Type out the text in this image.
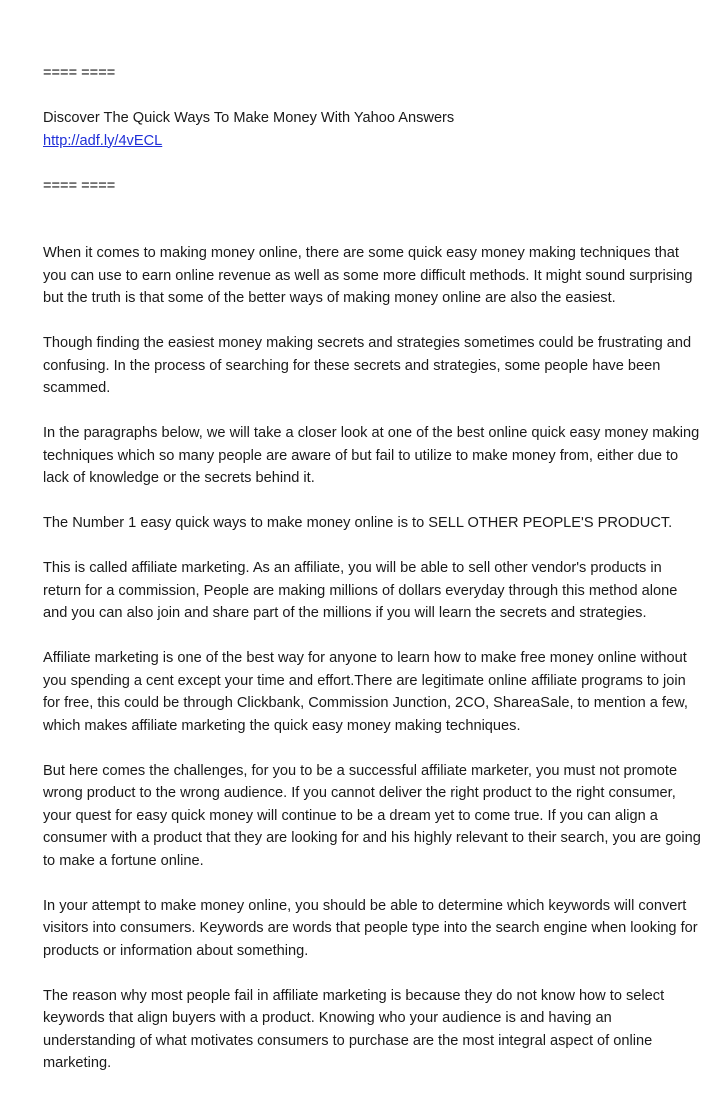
==== ====

Discover The Quick Ways To Make Money With Yahoo Answers

http://adf.ly/4vECL

==== ====

When it comes to making money online, there are some quick easy money making techniques that you can use to earn online revenue as well as some more difficult methods. It might sound surprising but the truth is that some of the better ways of making money online are also the easiest.

Though finding the easiest money making secrets and strategies sometimes could be frustrating and confusing. In the process of searching for these secrets and strategies, some people have been scammed.

In the paragraphs below, we will take a closer look at one of the best online quick easy money making techniques which so many people are aware of but fail to utilize to make money from, either due to lack of knowledge or the secrets behind it.

The Number 1 easy quick ways to make money online is to SELL OTHER PEOPLE'S PRODUCT.

This is called affiliate marketing. As an affiliate, you will be able to sell other vendor's products in return for a commission, People are making millions of dollars everyday through this method alone and you can also join and share part of the millions if you will learn the secrets and strategies.

Affiliate marketing is one of the best way for anyone to learn how to make free money online without you spending a cent except your time and effort.There are legitimate online affiliate programs to join for free, this could be through Clickbank, Commission Junction, 2CO, ShareaSale, to mention a few, which makes affiliate marketing the quick easy money making techniques.

But here comes the challenges, for you to be a successful affiliate marketer, you must not promote wrong product to the wrong audience. If you cannot deliver the right product to the right consumer, your quest for easy quick money will continue to be a dream yet to come true. If you can align a consumer with a product that they are looking for and his highly relevant to their search, you are going to make a fortune online.

In your attempt to make money online, you should be able to determine which keywords will convert visitors into consumers. Keywords are words that people type into the search engine when looking for products or information about something.

The reason why most people fail in affiliate marketing is because they do not know how to select keywords that align buyers with a product. Knowing who your audience is and having an understanding of what motivates consumers to purchase are the most integral aspect of online marketing.
